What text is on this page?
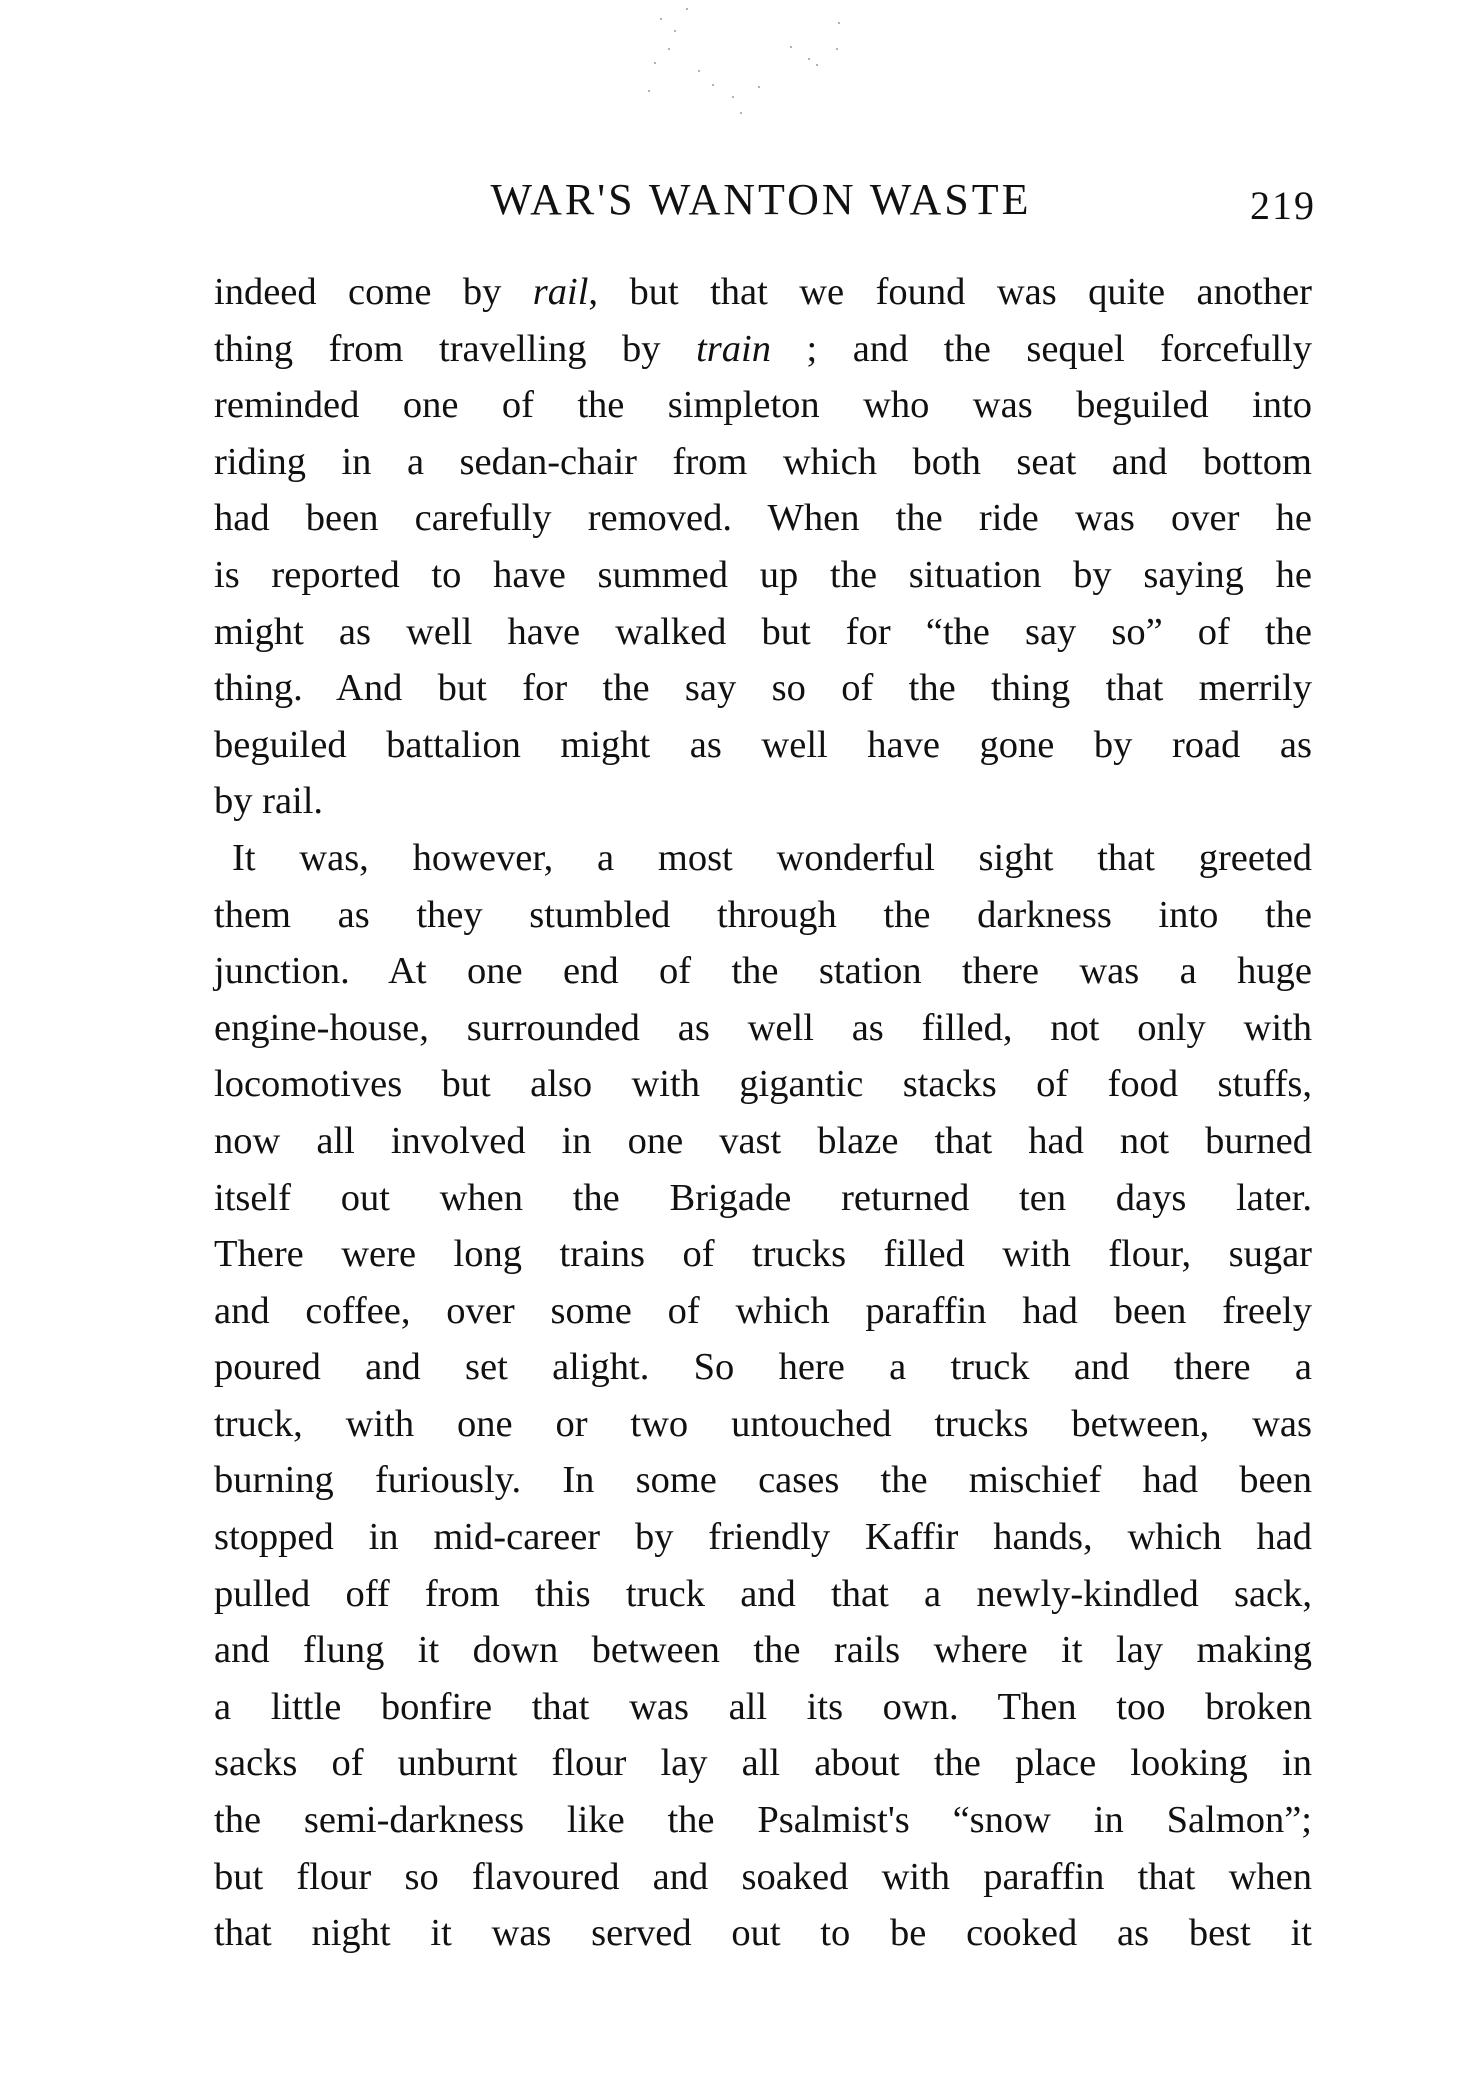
WAR'S WANTON WASTE	219
indeed come by rail, but that we found was quite another
thing from travelling by train ; and the sequel forcefully
reminded one of the simpleton who was beguiled into
riding in a sedan-chair from which both seat and bottom
had been carefully removed. When the ride was over he
is reported to have summed up the situation by saying he
might as well have walked but for “the say so” of the
thing. And but for the say so of the thing that merrily
beguiled battalion might as well have gone by road as
by rail.
It was, however, a most wonderful sight that greeted
them as they stumbled through the darkness into the
junction. At one end of the station there was a huge
engine-house, surrounded as well as filled, not only with
locomotives but also with gigantic stacks of food stuffs,
now all involved in one vast blaze that had not burned
itself out when the Brigade returned ten days later.
There were long trains of trucks filled with flour, sugar
and coffee, over some of which paraffin had been freely
poured and set alight. So here a truck and there a
truck, with one or two untouched trucks between, was
burning furiously. In some cases the mischief had been
stopped in mid-career by friendly Kaffir hands, which had
pulled off from this truck and that a newly-kindled sack,
and flung it down between the rails where it lay making
a little bonfire that was all its own. Then too broken
sacks of unburnt flour lay all about the place looking in
the semi-darkness like the Psalmist's “snow in Salmon”;
but flour so flavoured and soaked with paraffin that when
that night it was served out to be cooked as best it
